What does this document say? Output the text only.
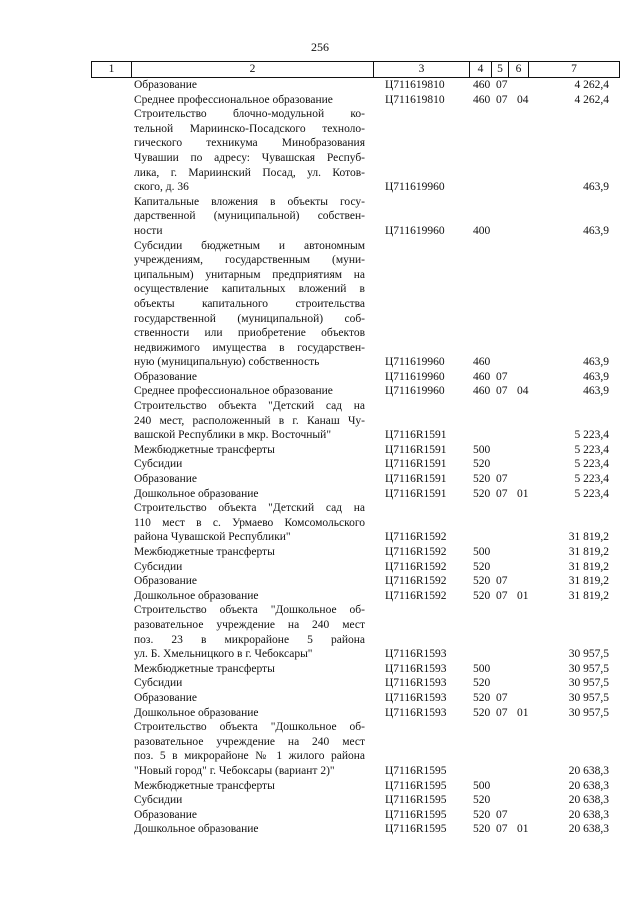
256
1	2	3	4	5	6	7
Образование	Ц711619810 460 07	4 262,4
Среднее профессиональное образование	Ц711619810 460 07 04	4 262,4
Строительство блочно-модульной ко-
тельной Мариинско-Посадского техноло-
гического техникума Минобразования
Чувашии по адресу: Чувашская Респуб-
лика, г. Мариинский Посад, ул. Котов-
ского, д. 36	Ц711619960	463,9
Капитальные вложения в объекты госу-
дарственной (муниципальной) собствен-
ности	Ц711619960 400	463,9
Субсидии бюджетным и автономным
учреждениям, государственным (муни-
ципальным) унитарным предприятиям на
осуществление капитальных вложений в
объекты капитального строительства
государственной (муниципальной) соб-
ственности или приобретение объектов
недвижимого имущества в государствен-
ную (муниципальную) собственность	Ц711619960 460	463,9
Образование	Ц711619960 460 07	463,9
Среднее профессиональное образование	Ц711619960 460 07 04	463,9
Строительство объекта "Детский сад на
240 мест, расположенный в г. Канаш Чу-
вашской Республики в мкр. Восточный"	Ц7116R1591	5 223,4
Межбюджетные трансферты	Ц7116R1591 500	5 223,4
Субсидии	Ц7116R1591 520	5 223,4
Образование	Ц7116R1591 520 07	5 223,4
Дошкольное образование	Ц7116R1591 520 07 01	5 223,4
Строительство объекта "Детский сад на
110 мест в с. Урмаево Комсомольского
района Чувашской Республики"	Ц7116R1592	31 819,2
Межбюджетные трансферты	Ц7116R1592 500	31 819,2
Субсидии	Ц7116R1592 520	31 819,2
Образование	Ц7116R1592 520 07	31 819,2
Дошкольное образование	Ц7116R1592 520 07 01	31 819,2
Строительство объекта "Дошкольное об-
разовательное учреждение на 240 мест
поз. 23 в микрорайоне 5 района
ул. Б. Хмельницкого в г. Чебоксары"	Ц7116R1593	30 957,5
Межбюджетные трансферты	Ц7116R1593 500	30 957,5
Субсидии	Ц7116R1593 520	30 957,5
Образование	Ц7116R1593 520 07	30 957,5
Дошкольное образование	Ц7116R1593 520 07 01	30 957,5
Строительство объекта "Дошкольное об-
разовательное учреждение на 240 мест
поз. 5 в микрорайоне № 1 жилого района
"Новый город" г. Чебоксары (вариант 2)"	Ц7116R1595	20 638,3
Межбюджетные трансферты	Ц7116R1595 500	20 638,3
Субсидии	Ц7116R1595 520	20 638,3
Образование	Ц7116R1595 520 07	20 638,3
Дошкольное образование	Ц7116R1595 520 07 01	20 638,3
